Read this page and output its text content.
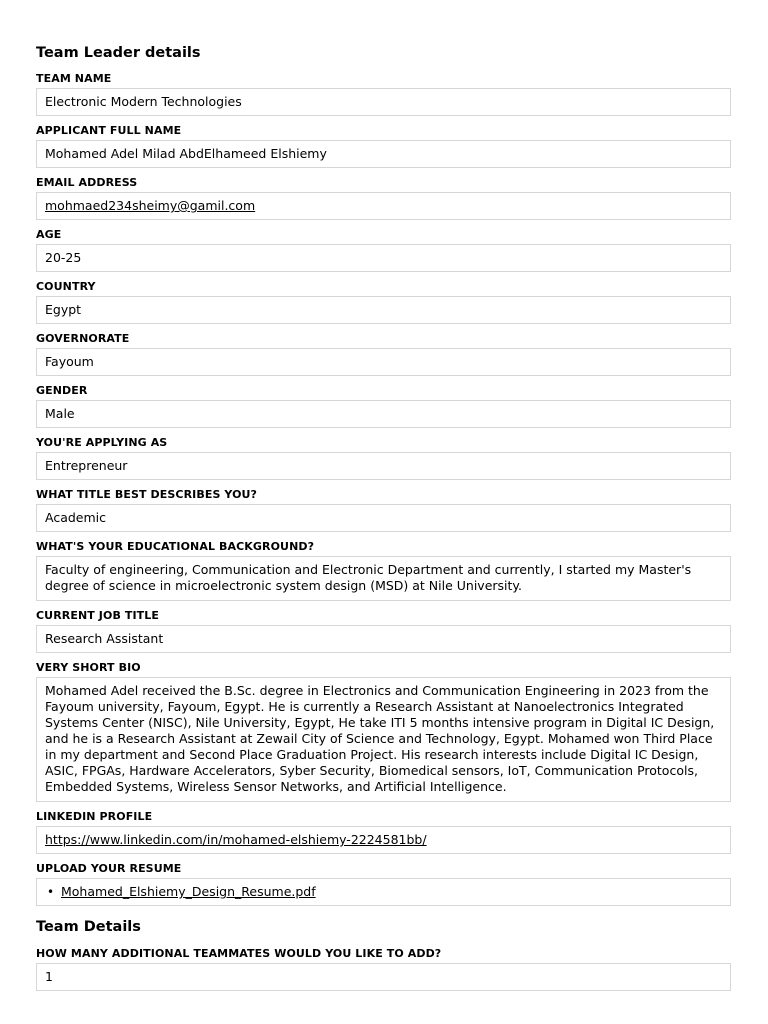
Team Leader details
TEAM NAME
Electronic Modern Technologies
APPLICANT FULL NAME
Mohamed Adel Milad AbdElhameed Elshiemy
EMAIL ADDRESS
mohmaed234sheimy@gamil.com
AGE
20-25
COUNTRY
Egypt
GOVERNORATE
Fayoum
GENDER
Male
YOU'RE APPLYING AS
Entrepreneur
WHAT TITLE BEST DESCRIBES YOU?
Academic
WHAT'S YOUR EDUCATIONAL BACKGROUND?
Faculty of engineering, Communication and Electronic Department and currently, I started my Master's degree of science in microelectronic system design (MSD) at Nile University.
CURRENT JOB TITLE
Research Assistant
VERY SHORT BIO
Mohamed Adel received the B.Sc. degree in Electronics and Communication Engineering in 2023 from the Fayoum university, Fayoum, Egypt. He is currently a Research Assistant at Nanoelectronics Integrated Systems Center (NISC), Nile University, Egypt, He take ITI 5 months intensive program in Digital IC Design, and he is a Research Assistant at Zewail City of Science and Technology, Egypt. Mohamed won Third Place in my department and Second Place Graduation Project. His research interests include Digital IC Design, ASIC, FPGAs, Hardware Accelerators, Syber Security, Biomedical sensors, IoT, Communication Protocols, Embedded Systems, Wireless Sensor Networks, and Artificial Intelligence.
LINKEDIN PROFILE
https://www.linkedin.com/in/mohamed-elshiemy-2224581bb/
UPLOAD YOUR RESUME
• Mohamed_Elshiemy_Design_Resume.pdf
Team Details
HOW MANY ADDITIONAL TEAMMATES WOULD YOU LIKE TO ADD?
1
